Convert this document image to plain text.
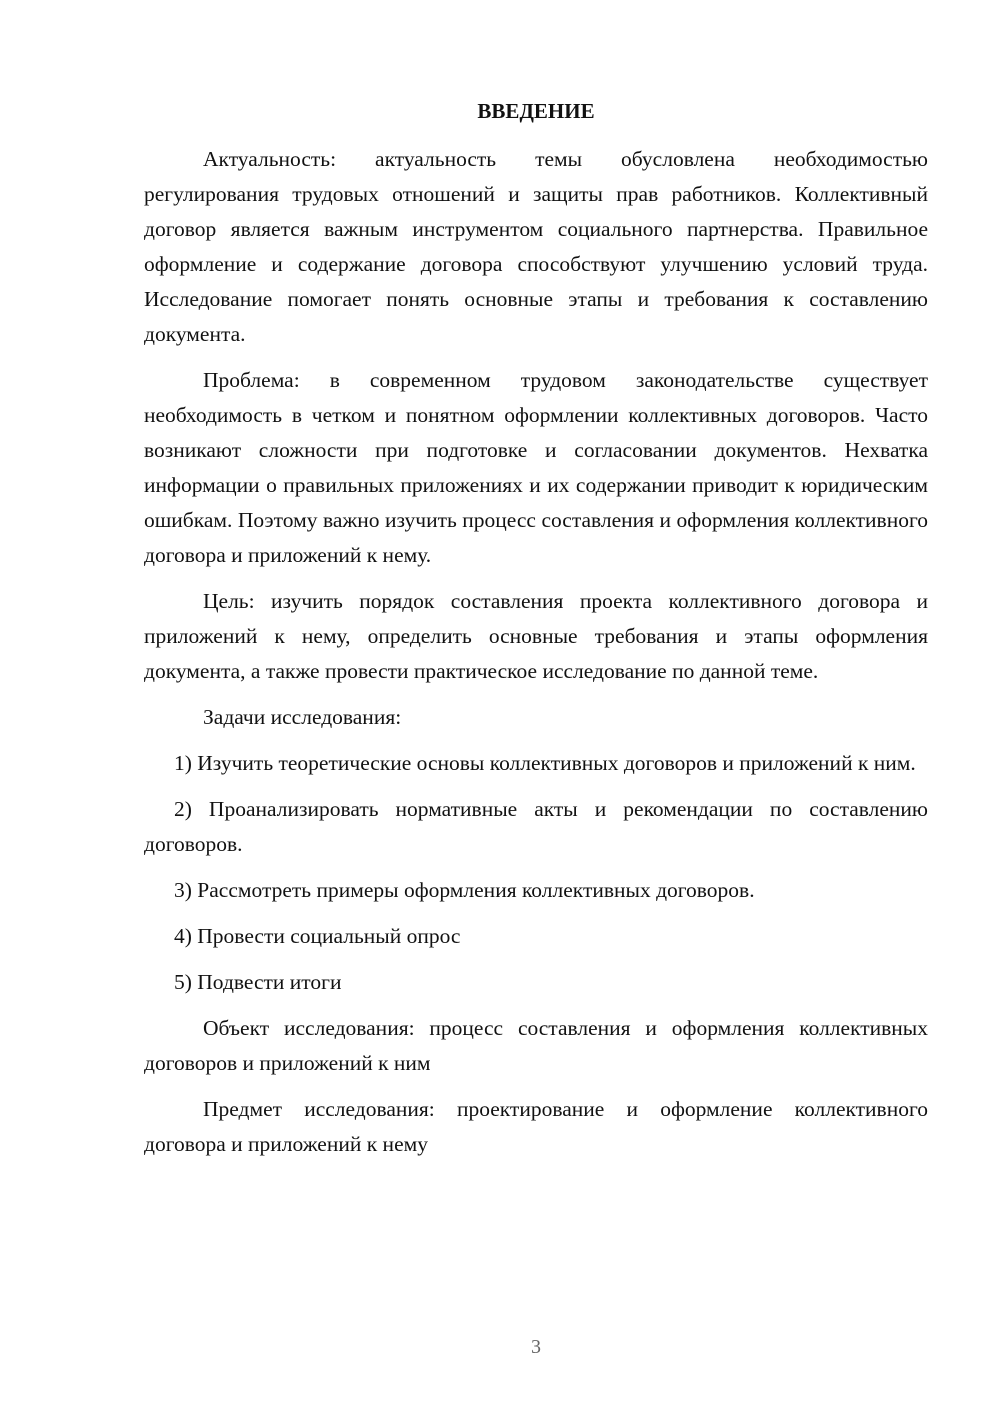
ВВЕДЕНИЕ

Актуальность: актуальность темы обусловлена необходимостью регулирования трудовых отношений и защиты прав работников. Коллективный договор является важным инструментом социального партнерства. Правильное оформление и содержание договора способствуют улучшению условий труда. Исследование помогает понять основные этапы и требования к составлению документа.

Проблема: в современном трудовом законодательстве существует необходимость в четком и понятном оформлении коллективных договоров. Часто возникают сложности при подготовке и согласовании документов. Нехватка информации о правильных приложениях и их содержании приводит к юридическим ошибкам. Поэтому важно изучить процесс составления и оформления коллективного договора и приложений к нему.

Цель: изучить порядок составления проекта коллективного договора и приложений к нему, определить основные требования и этапы оформления документа, а также провести практическое исследование по данной теме.

Задачи исследования:

1) Изучить теоретические основы коллективных договоров и приложений к ним.

2) Проанализировать нормативные акты и рекомендации по составлению договоров.

3) Рассмотреть примеры оформления коллективных договоров.

4) Провести социальный опрос

5) Подвести итоги

Объект исследования: процесс составления и оформления коллективных договоров и приложений к ним

Предмет исследования: проектирование и оформление коллективного договора и приложений к нему

3
